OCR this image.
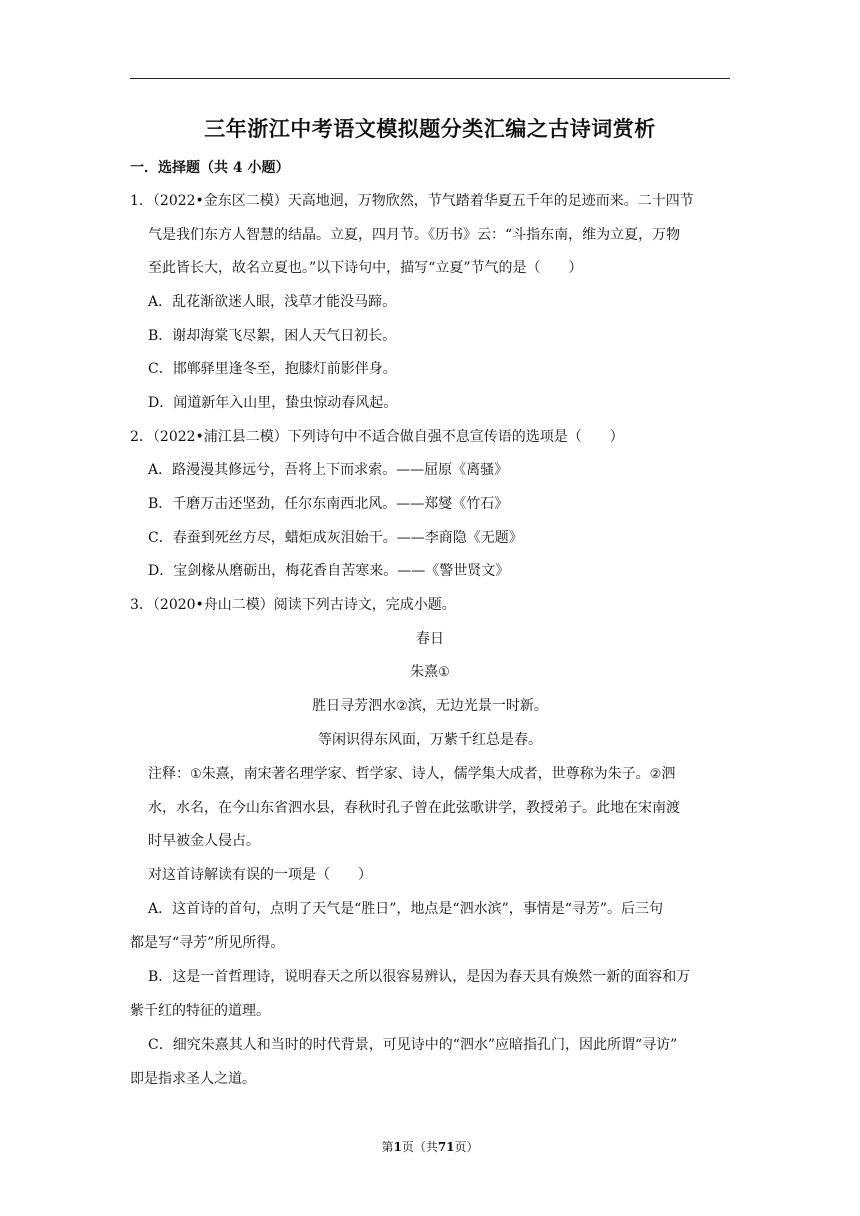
三年浙江中考语文模拟题分类汇编之古诗词赏析
一．选择题（共 4 小题）
1．（2022•金东区二模）天高地迥，万物欣然，节气踏着华夏五千年的足迹而来。二十四节
气是我们东方人智慧的结晶。立夏，四月节。《历书》云：“斗指东南，维为立夏，万物
至此皆长大，故名立夏也。”以下诗句中，描写“立夏”节气的是（　　）
A．乱花渐欲迷人眼，浅草才能没马蹄。
B．谢却海棠飞尽絮，困人天气日初长。
C．邯郸驿里逢冬至，抱膝灯前影伴身。
D．闻道新年入山里，蛰虫惊动春风起。
2．（2022•浦江县二模）下列诗句中不适合做自强不息宣传语的选项是（　　）
A．路漫漫其修远兮，吾将上下而求索。——屈原《离骚》
B．千磨万击还坚劲，任尔东南西北风。——郑燮《竹石》
C．春蚕到死丝方尽，蜡炬成灰泪始干。——李商隐《无题》
D．宝剑椽从磨砺出，梅花香自苦寒来。——《警世贤文》
3．（2020•舟山二模）阅读下列古诗文，完成小题。
春日
朱熹①
胜日寻芳泗水②滨，无边光景一时新。
等闲识得东风面，万紫千红总是春。
注释：①朱熹，南宋著名理学家、哲学家、诗人，儒学集大成者，世尊称为朱子。②泗
水，水名，在今山东省泗水县，春秋时孔子曾在此弦歌讲学，教授弟子。此地在宋南渡
时早被金人侵占。
对这首诗解读有误的一项是（　　）
A．这首诗的首句，点明了天气是“胜日”，地点是“泗水滨”，事情是“寻芳”。后三句
都是写“寻芳”所见所得。
B．这是一首哲理诗，说明春天之所以很容易辨认，是因为春天具有焕然一新的面容和万
紫千红的特征的道理。
C．细究朱熹其人和当时的时代背景，可见诗中的“泗水”应暗指孔门，因此所谓“寻访”
即是指求圣人之道。
第1页（共71页）
